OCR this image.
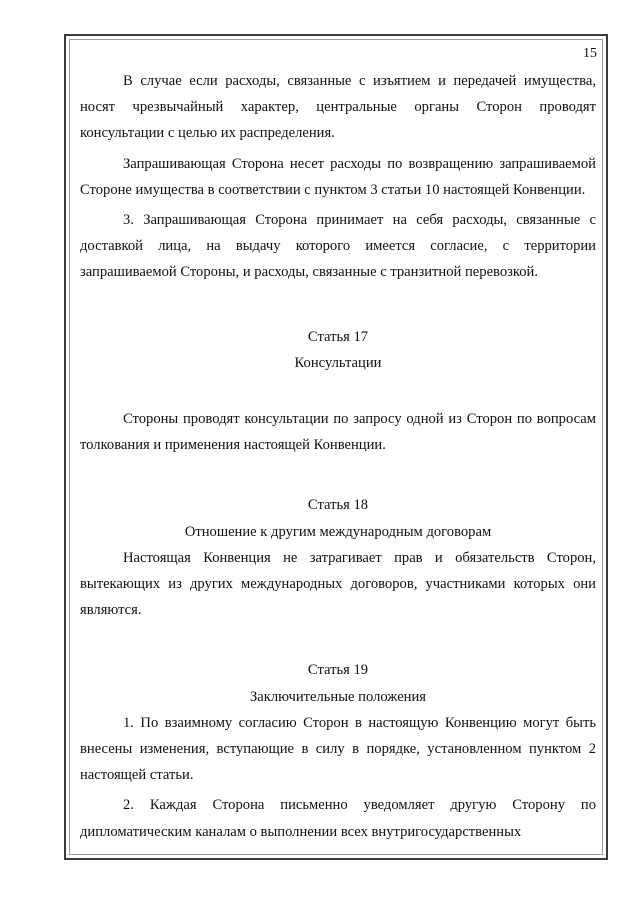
15

В случае если расходы, связанные с изъятием и передачей имущества, носят чрезвычайный характер, центральные органы Сторон проводят консультации с целью их распределения.

Запрашивающая Сторона несет расходы по возвращению запрашиваемой Стороне имущества в соответствии с пунктом 3 статьи 10 настоящей Конвенции.

3. Запрашивающая Сторона принимает на себя расходы, связанные с доставкой лица, на выдачу которого имеется согласие, с территории запрашиваемой Стороны, и расходы, связанные с транзитной перевозкой.

Статья 17

Консультации

Стороны проводят консультации по запросу одной из Сторон по вопросам толкования и применения настоящей Конвенции.

Статья 18

Отношение к другим международным договорам

Настоящая Конвенция не затрагивает прав и обязательств Сторон, вытекающих из других международных договоров, участниками которых они являются.

Статья 19

Заключительные положения

1. По взаимному согласию Сторон в настоящую Конвенцию могут быть внесены изменения, вступающие в силу в порядке, установленном пунктом 2 настоящей статьи.

2. Каждая Сторона письменно уведомляет другую Сторону по дипломатическим каналам о выполнении всех внутригосударственных
